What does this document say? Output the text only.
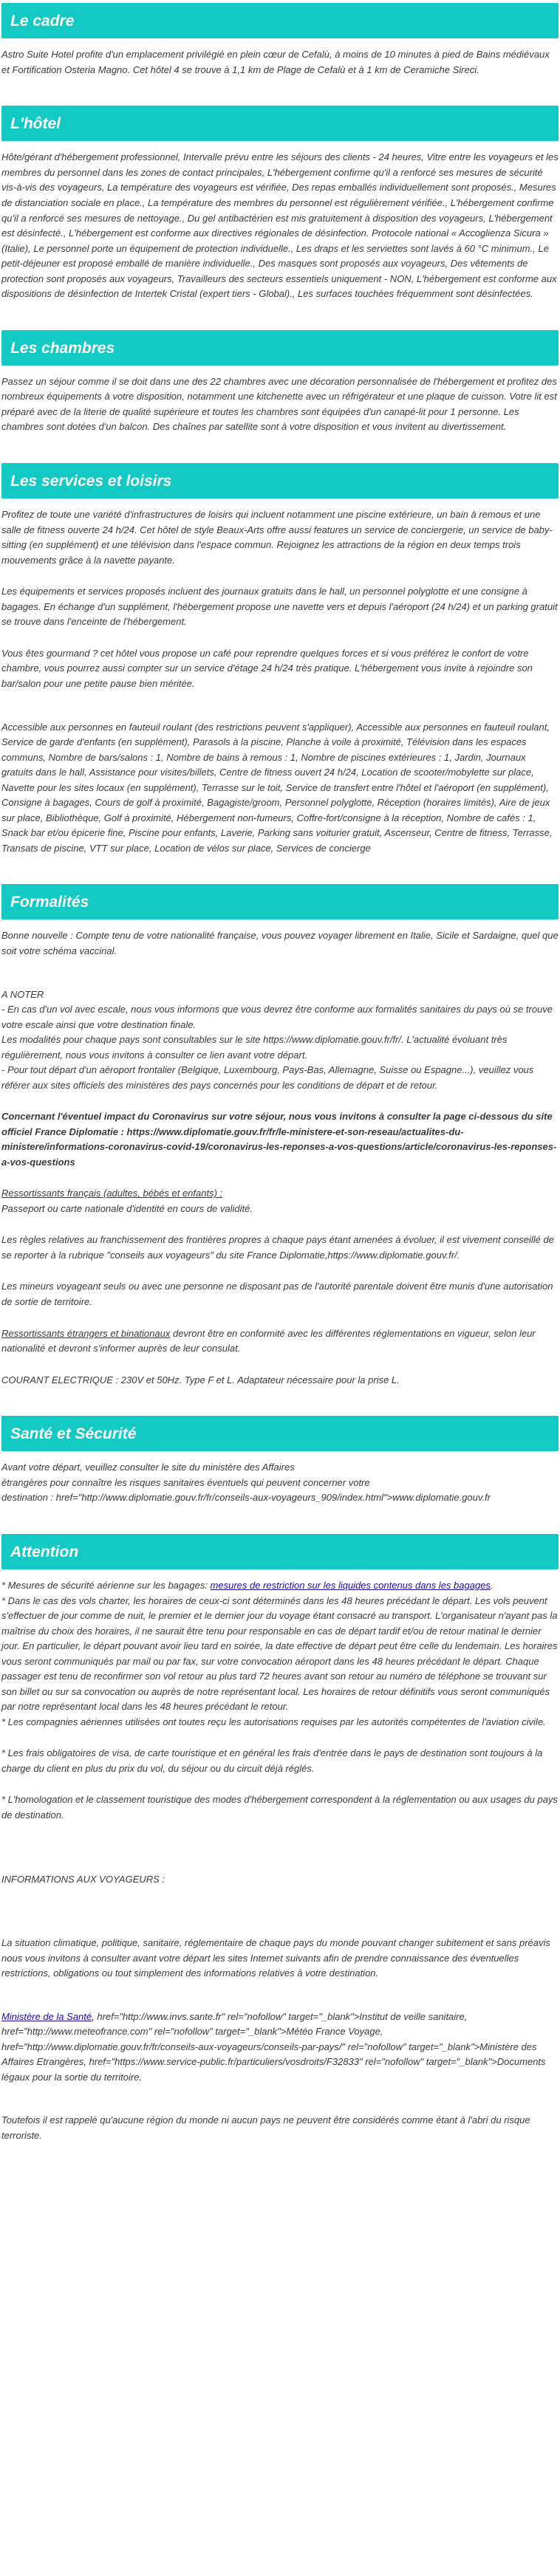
Le cadre

Astro Suite Hotel profite d'un emplacement privilégié en plein cœur de Cefalù, à moins de 10 minutes à pied de Bains médiévaux et Fortification Osteria Magno. Cet hôtel 4 se trouve à 1,1 km de Plage de Cefalù et à 1 km de Ceramiche Sireci.

L'hôtel

Hôte/gérant d'hébergement professionnel, Intervalle prévu entre les séjours des clients - 24 heures, Vitre entre les voyageurs et les membres du personnel dans les zones de contact principales, L'hébergement confirme qu'il a renforcé ses mesures de sécurité vis-à-vis des voyageurs, La température des voyageurs est vérifiée, Des repas emballés individuellement sont proposés., Mesures de distanciation sociale en place., La température des membres du personnel est régulièrement vérifiée., L'hébergement confirme qu'il a renforcé ses mesures de nettoyage., Du gel antibactérien est mis gratuitement à disposition des voyageurs, L'hébergement est désinfecté., L'hébergement est conforme aux directives régionales de désinfection. Protocole national « Accoglienza Sicura » (Italie), Le personnel porte un équipement de protection individuelle., Les draps et les serviettes sont lavés à 60 °C minimum., Le petit-déjeuner est proposé emballé de manière individuelle., Des masques sont proposés aux voyageurs, Des vêtements de protection sont proposés aux voyageurs, Travailleurs des secteurs essentiels uniquement - NON, L'hébergement est conforme aux dispositions de désinfection de Intertek Cristal (expert tiers - Global)., Les surfaces touchées fréquemment sont désinfectées.

Les chambres

Passez un séjour comme il se doit dans une des 22 chambres avec une décoration personnalisée de l'hébergement et profitez des nombreux équipements à votre disposition, notamment une kitchenette avec un réfrigérateur et une plaque de cuisson. Votre lit est préparé avec de la literie de qualité supérieure et toutes les chambres sont équipées d'un canapé-lit pour 1 personne. Les chambres sont dotées d'un balcon. Des chaînes par satellite sont à votre disposition et vous invitent au divertissement.

Les services et loisirs

Profitez de toute une variété d'infrastructures de loisirs qui incluent notamment une piscine extérieure, un bain à remous et une salle de fitness ouverte 24 h/24. Cet hôtel de style Beaux-Arts offre aussi features un service de conciergerie, un service de baby-sitting (en supplément) et une télévision dans l'espace commun. Rejoignez les attractions de la région en deux temps trois mouvements grâce à la navette payante.

Les équipements et services proposés incluent des journaux gratuits dans le hall, un personnel polyglotte et une consigne à bagages. En échange d'un supplément, l'hébergement propose une navette vers et depuis l'aéroport (24 h/24) et un parking gratuit se trouve dans l'enceinte de l'hébergement.

Vous êtes gourmand ? cet hôtel vous propose un café pour reprendre quelques forces et si vous préférez le confort de votre chambre, vous pourrez aussi compter sur un service d'étage 24 h/24 très pratique. L'hébergement vous invite à rejoindre son bar/salon pour une petite pause bien méritée.

Accessible aux personnes en fauteuil roulant (des restrictions peuvent s'appliquer), Accessible aux personnes en fauteuil roulant, Service de garde d'enfants (en supplément), Parasols à la piscine, Planche à voile à proximité, Télévision dans les espaces communs, Nombre de bars/salons : 1, Nombre de bains à remous : 1, Nombre de piscines extérieures : 1, Jardin, Journaux gratuits dans le hall, Assistance pour visites/billets, Centre de fitness ouvert 24 h/24, Location de scooter/mobylette sur place, Navette pour les sites locaux (en supplément), Terrasse sur le toit, Service de transfert entre l'hôtel et l'aéroport (en supplément), Consigne à bagages, Cours de golf à proximité, Bagagiste/groom, Personnel polyglotte, Réception (horaires limités), Aire de jeux sur place, Bibliothèque, Golf à proximité, Hébergement non-fumeurs, Coffre-fort/consigne à la réception, Nombre de cafés : 1, Snack bar et/ou épicerie fine, Piscine pour enfants, Laverie, Parking sans voiturier gratuit, Ascenseur, Centre de fitness, Terrasse, Transats de piscine, VTT sur place, Location de vélos sur place, Services de concierge

Formalités

Bonne nouvelle : Compte tenu de votre nationalité française, vous pouvez voyager librement en Italie, Sicile et Sardaigne, quel que soit votre schéma vaccinal.

A NOTER

- En cas d'un vol avec escale, nous vous informons que vous devrez être conforme aux formalités sanitaires du pays où se trouve votre escale ainsi que votre destination finale.

Les modalités pour chaque pays sont consultables sur le site https://www.diplomatie.gouv.fr/fr/. L'actualité évoluant très régulièrement, nous vous invitons à consulter ce lien avant votre départ.

- Pour tout départ d'un aéroport frontalier (Belgique, Luxembourg, Pays-Bas, Allemagne, Suisse ou Espagne...), veuillez vous référer aux sites officiels des ministères des pays concernés pour les conditions de départ et de retour.

Concernant l'éventuel impact du Coronavirus sur votre séjour, nous vous invitons à consulter la page ci-dessous du site officiel France Diplomatie : https://www.diplomatie.gouv.fr/fr/le-ministere-et-son-reseau/actualites-du-ministere/informations-coronavirus-covid-19/coronavirus-les-reponses-a-vos-questions/article/coronavirus-les-reponses-a-vos-questions

Ressortissants français (adultes, bébés et enfants) :

Passeport ou carte nationale d'identité en cours de validité.

Les règles relatives au franchissement des frontières propres à chaque pays étant amenées à évoluer, il est vivement conseillé de se reporter à la rubrique "conseils aux voyageurs" du site France Diplomatie,https://www.diplomatie.gouv.fr/.

Les mineurs voyageant seuls ou avec une personne ne disposant pas de l'autorité parentale doivent être munis d'une autorisation de sortie de territoire.

Ressortissants étrangers et binationaux devront être en conformité avec les différentes réglementations en vigueur, selon leur nationalité et devront s'informer auprès de leur consulat.

COURANT ELECTRIQUE : 230V et 50Hz. Type F et L. Adaptateur nécessaire pour la prise L.

Santé et Sécurité

Avant votre départ, veuillez consulter le site du ministère des Affaires

étrangères pour connaître les risques sanitaires éventuels qui peuvent concerner votre

destination : href="http://www.diplomatie.gouv.fr/fr/conseils-aux-voyageurs_909/index.html">www.diplomatie.gouv.fr

Attention

* Mesures de sécurité aérienne sur les bagages: mesures de restriction sur les liquides contenus dans les bagages.

* Dans le cas des vols charter, les horaires de ceux-ci sont déterminés dans les 48 heures précédant le départ. Les vols peuvent s'effectuer de jour comme de nuit, le premier et le dernier jour du voyage étant consacré au transport. L'organisateur n'ayant pas la maîtrise du choix des horaires, il ne saurait être tenu pour responsable en cas de départ tardif et/ou de retour matinal le dernier jour. En particulier, le départ pouvant avoir lieu tard en soirée, la date effective de départ peut être celle du lendemain. Les horaires vous seront communiqués par mail ou par fax, sur votre convocation aéroport dans les 48 heures précédant le départ. Chaque passager est tenu de reconfirmer son vol retour au plus tard 72 heures avant son retour au numéro de téléphone se trouvant sur son billet ou sur sa convocation ou auprès de notre représentant local. Les horaires de retour définitifs vous seront communiqués par notre représentant local dans les 48 heures précédant le retour.

* Les compagnies aériennes utilisées ont toutes reçu les autorisations requises par les autorités compétentes de l'aviation civile.

* Les frais obligatoires de visa, de carte touristique et en général les frais d'entrée dans le pays de destination sont toujours à la charge du client en plus du prix du vol, du séjour ou du circuit déjà réglés.

* L'homologation et le classement touristique des modes d'hébergement correspondent à la réglementation ou aux usages du pays de destination.

INFORMATIONS AUX VOYAGEURS :

La situation climatique, politique, sanitaire, réglementaire de chaque pays du monde pouvant changer subitement et sans préavis
nous vous invitons à consulter avant votre départ les sites Internet suivants afin de prendre connaissance des éventuelles restrictions, obligations ou tout simplement des informations relatives à votre destination.

Ministère de la Santé, href="http://www.invs.sante.fr" rel="nofollow" target="_blank">Institut de veille sanitaire, href="http://www.meteofrance.com" rel="nofollow" target="_blank">Météo France Voyage, href="http://www.diplomatie.gouv.fr/fr/conseils-aux-voyageurs/conseils-par-pays/" rel="nofollow" target="_blank">Ministère des Affaires Etrangères, href="https://www.service-public.fr/particuliers/vosdroits/F32833" rel="nofollow" target="_blank">Documents légaux pour la sortie du territoire.

Toutefois il est rappelé qu'aucune région du monde ni aucun pays ne peuvent être considérés comme étant à l'abri du risque terroriste.
